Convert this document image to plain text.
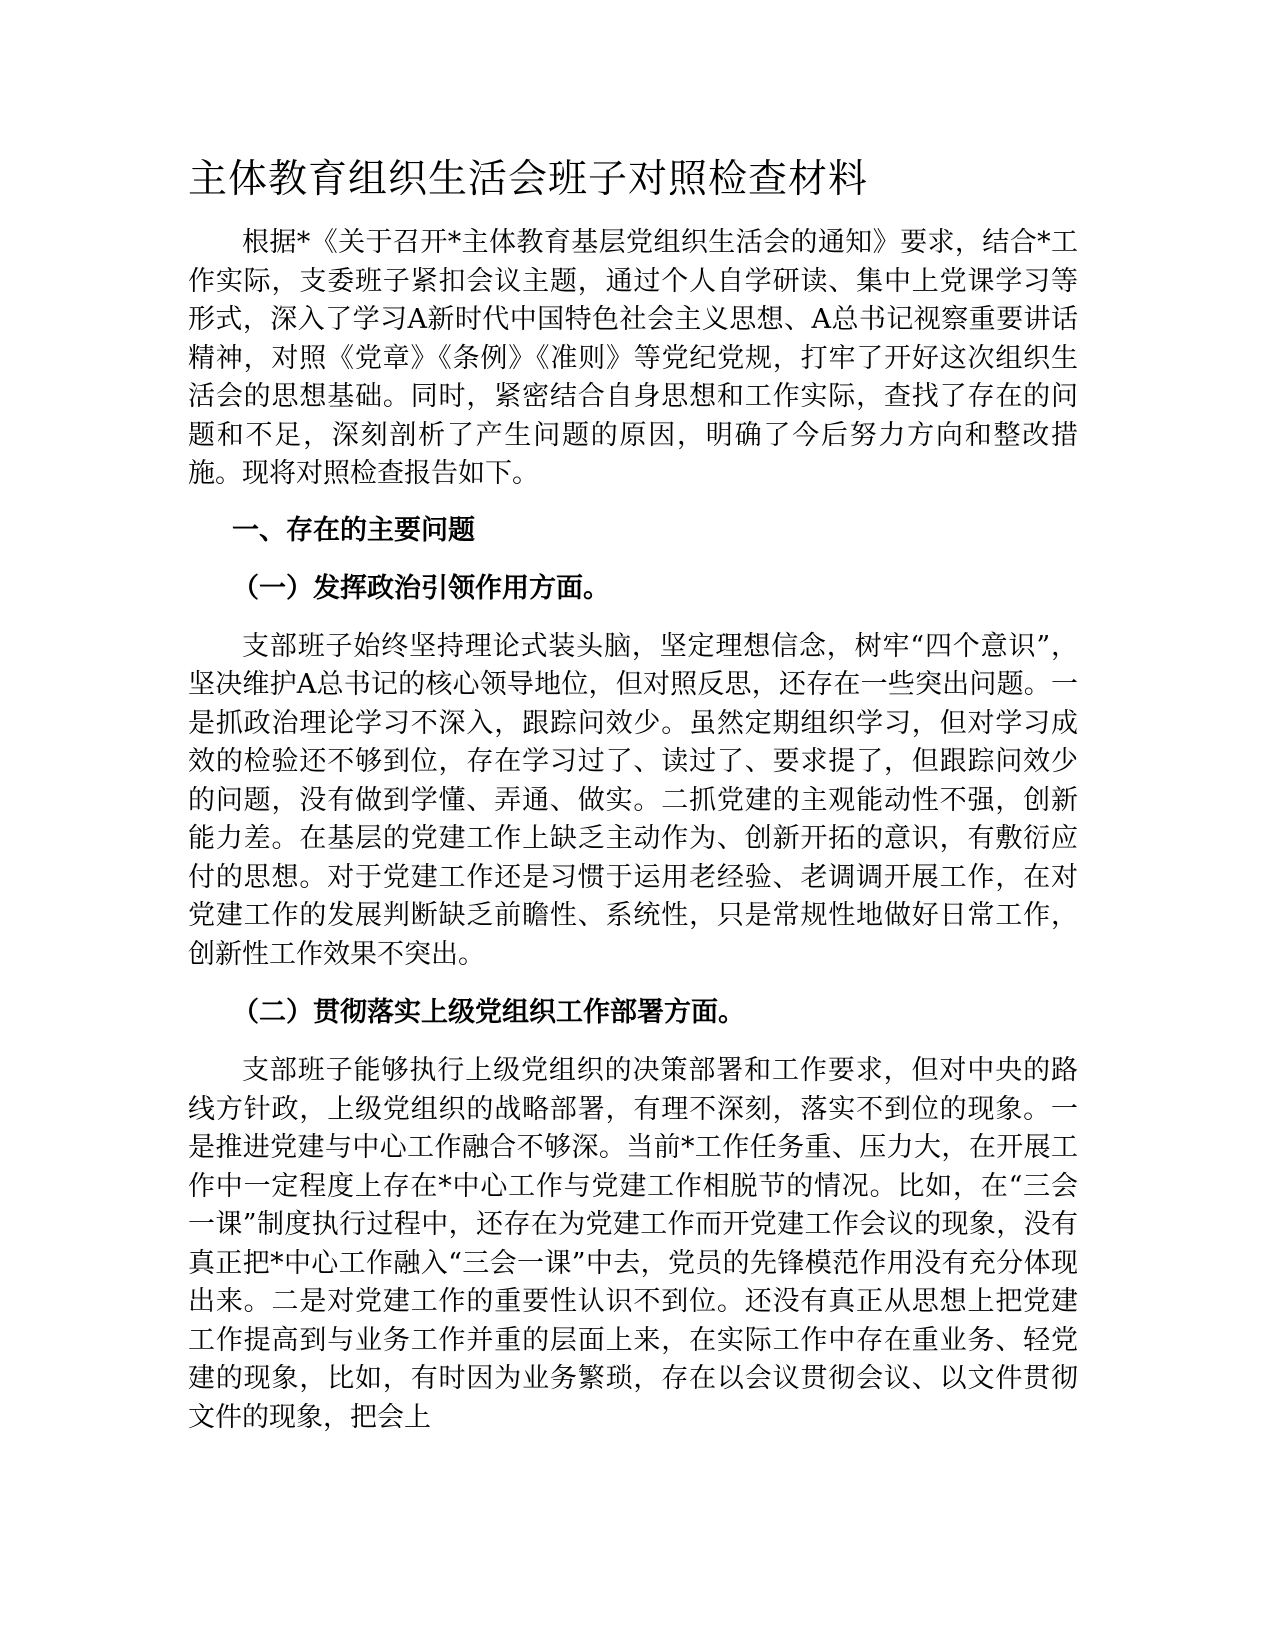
主体教育组织生活会班子对照检查材料

根据*《关于召开*主体教育基层党组织生活会的通知》要求，结合*工作实际，支委班子紧扣会议主题，通过个人自学研读、集中上党课学习等形式，深入了学习A新时代中国特色社会主义思想、A总书记视察重要讲话精神，对照《党章》《条例》《准则》等党纪党规，打牢了开好这次组织生活会的思想基础。同时，紧密结合自身思想和工作实际，查找了存在的问题和不足，深刻剖析了产生问题的原因，明确了今后努力方向和整改措施。现将对照检查报告如下。

一、存在的主要问题
（一）发挥政治引领作用方面。

支部班子始终坚持理论式装头脑，坚定理想信念，树牢“四个意识”，坚决维护A总书记的核心领导地位，但对照反思，还存在一些突出问题。一是抓政治理论学习不深入，跟踪问效少。虽然定期组织学习，但对学习成效的检验还不够到位，存在学习过了、读过了、要求提了，但跟踪问效少的问题，没有做到学懂、弄通、做实。二抓党建的主观能动性不强，创新能力差。在基层的党建工作上缺乏主动作为、创新开拓的意识，有敷衍应付的思想。对于党建工作还是习惯于运用老经验、老调调开展工作，在对党建工作的发展判断缺乏前瞻性、系统性，只是常规性地做好日常工作，创新性工作效果不突出。

（二）贯彻落实上级党组织工作部署方面。

支部班子能够执行上级党组织的决策部署和工作要求，但对中央的路线方针政，上级党组织的战略部署，有理不深刻，落实不到位的现象。一是推进党建与中心工作融合不够深。当前*工作任务重、压力大，在开展工作中一定程度上存在*中心工作与党建工作相脱节的情况。比如，在“三会一课”制度执行过程中，还存在为党建工作而开党建工作会议的现象，没有真正把*中心工作融入“三会一课”中去，党员的先锋模范作用没有充分体现出来。二是对党建工作的重要性认识不到位。还没有真正从思想上把党建工作提高到与业务工作并重的层面上来，在实际工作中存在重业务、轻党建的现象，比如，有时因为业务繁琐，存在以会议贯彻会议、以文件贯彻文件的现象，把会上
